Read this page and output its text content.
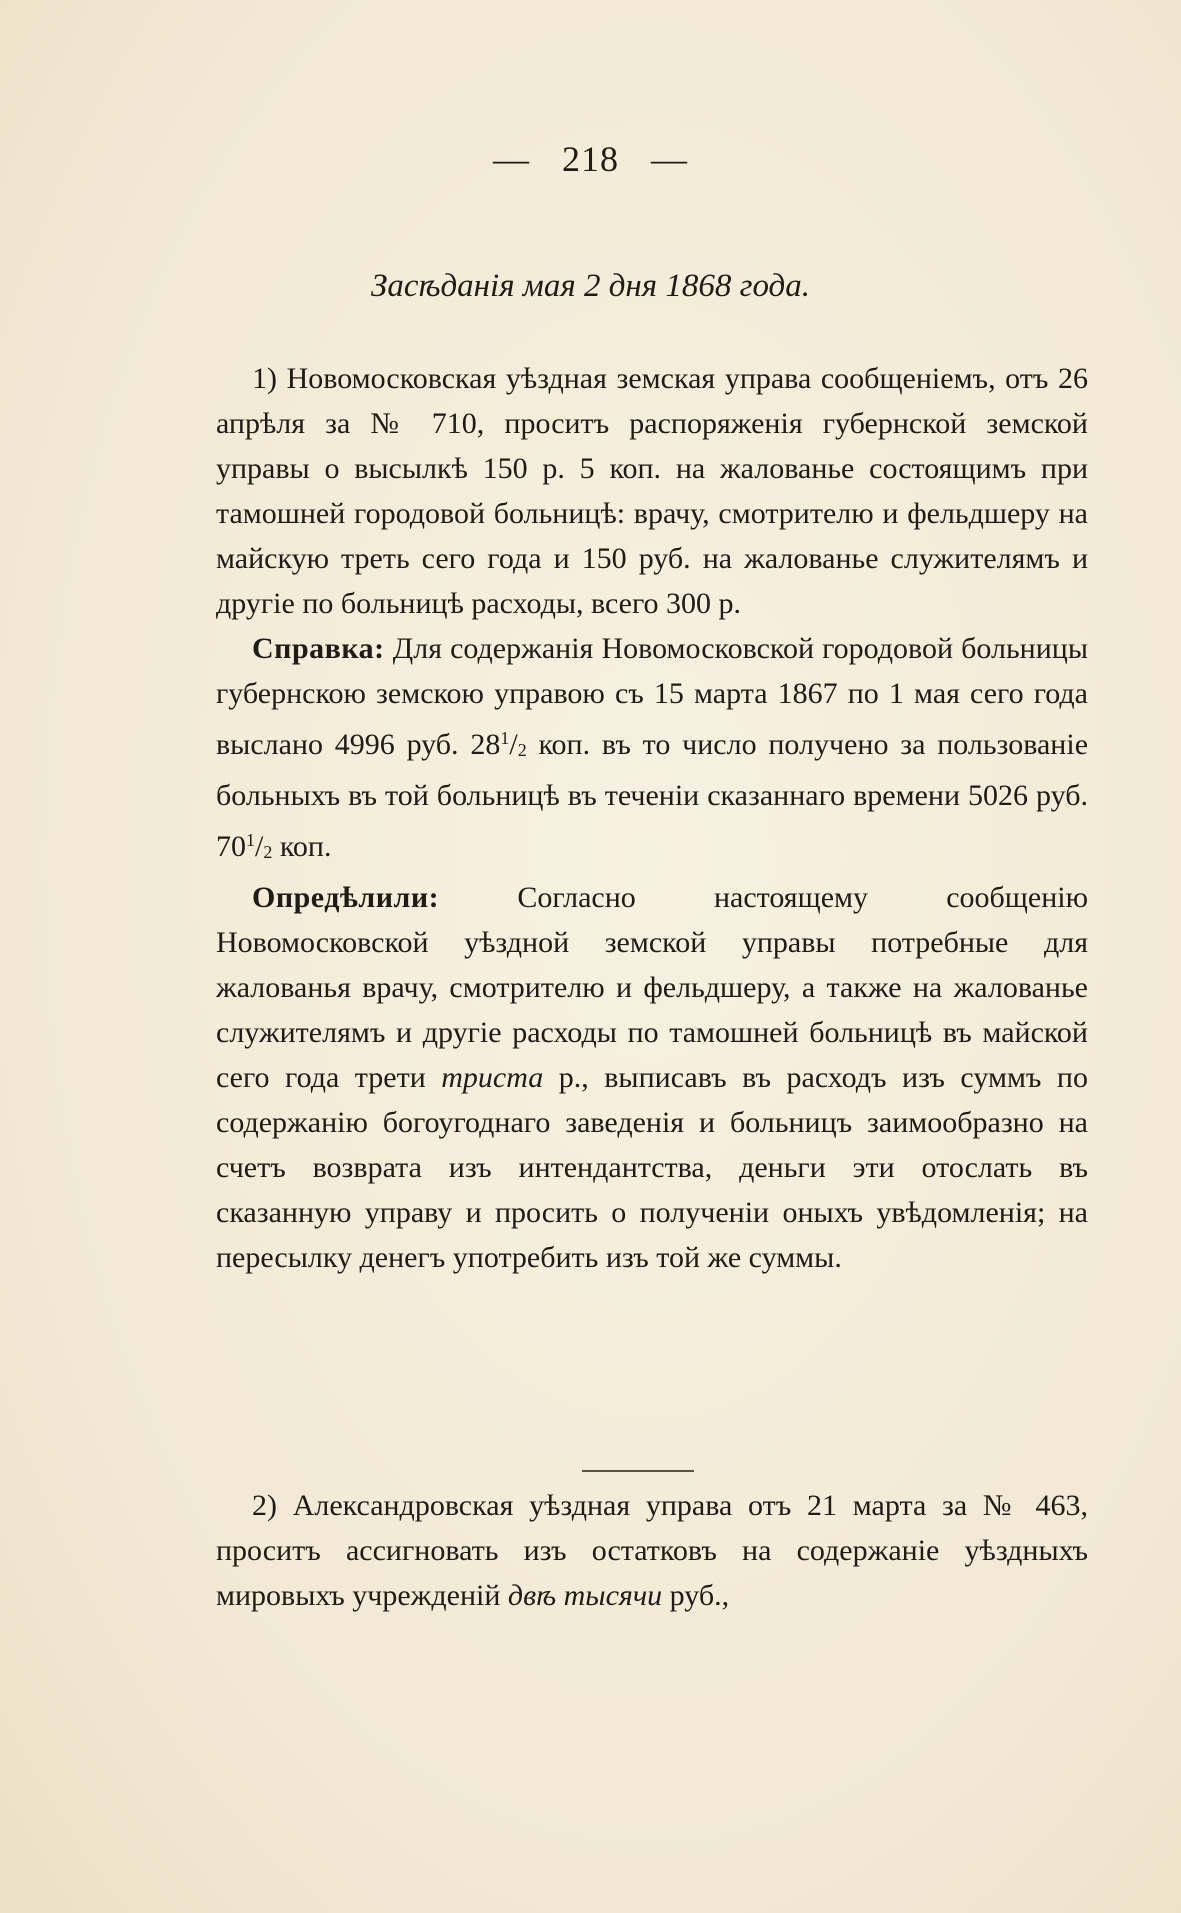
— 218 —
Засѣданія мая 2 дня 1868 года.

1) Новомосковская уѣздная земская управа сообщеніемъ, отъ 26 апрѣля за № 710, проситъ распоряженія губернской земской управы о высылкѣ 150 р. 5 коп. на жалованье состоящимъ при тамошней городовой больницѣ: врачу, смотрителю и фельдшеру на майскую треть сего года и 150 руб. на жалованье служителямъ и другіе по больницѣ расходы, всего 300 р.

Справка: Для содержанія Новомосковской городовой больницы губернскою земскою управою съ 15 марта 1867 по 1 мая сего года выслано 4996 руб. $28^1/_2$ коп. въ то число получено за пользованіе больныхъ въ той больницѣ въ теченіи сказаннаго времени 5026 руб. $70^1/_2$ коп.

Опредѣлили: Согласно настоящему сообщенію Новомосковской уѣздной земской управы потребные для жалованья врачу, смотрителю и фельдшеру, а также на жалованье служителямъ и другіе расходы по тамошней больницѣ въ майской сего года трети триста р., выписавъ въ расходъ изъ суммъ по содержанію богоугоднаго заведенія и больницъ заимообразно на счетъ возврата изъ интендантства, деньги эти отослать въ сказанную управу и просить о полученіи оныхъ увѣдомленія; на пересылку денегъ употребить изъ той же суммы.

2) Александровская уѣздная управа отъ 21 марта за № 463, проситъ ассигновать изъ остатковъ на содержаніе уѣздныхъ мировыхъ учрежденій двѣ тысячи руб.,
